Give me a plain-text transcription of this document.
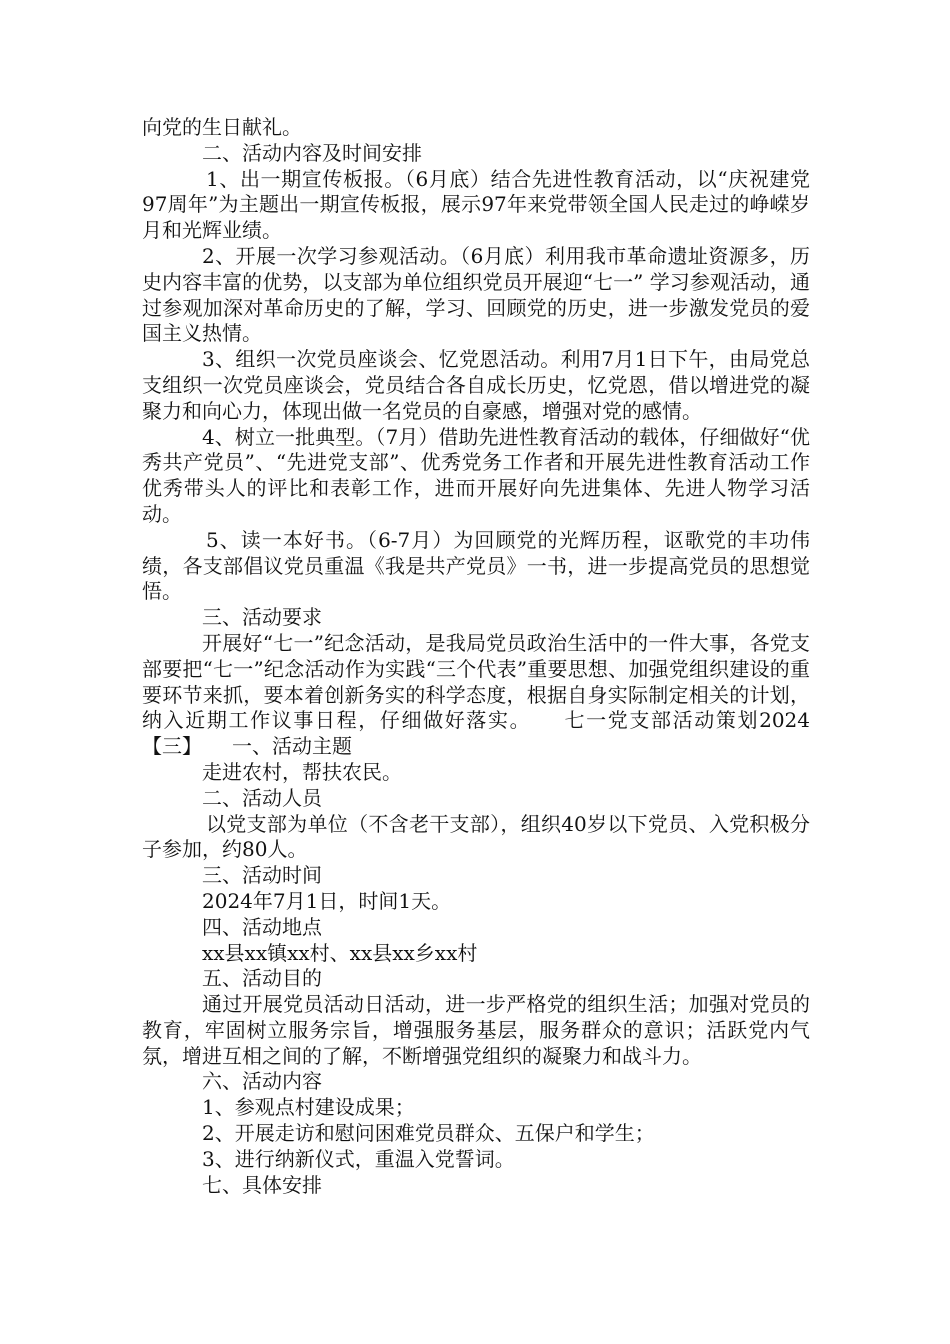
向党的生日献礼。

二、活动内容及时间安排

1、出一期宣传板报。（6月底）结合先进性教育活动，以“庆祝建党97周年”为主题出一期宣传板报，展示97年来党带领全国人民走过的峥嵘岁月和光辉业绩。

2、开展一次学习参观活动。（6月底）利用我市革命遗址资源多，历史内容丰富的优势，以支部为单位组织党员开展迎“七一” 学习参观活动，通过参观加深对革命历史的了解，学习、回顾党的历史，进一步激发党员的爱国主义热情。

3、组织一次党员座谈会、忆党恩活动。利用7月1日下午，由局党总支组织一次党员座谈会，党员结合各自成长历史，忆党恩，借以增进党的凝聚力和向心力，体现出做一名党员的自豪感，增强对党的感情。

4、树立一批典型。（7月）借助先进性教育活动的载体，仔细做好“优秀共产党员”、“先进党支部”、优秀党务工作者和开展先进性教育活动工作优秀带头人的评比和表彰工作，进而开展好向先进集体、先进人物学习活动。

5、读一本好书。（6-7月）为回顾党的光辉历程，讴歌党的丰功伟绩，各支部倡议党员重温《我是共产党员》一书，进一步提高党员的思想觉悟。

三、活动要求

开展好“七一”纪念活动，是我局党员政治生活中的一件大事，各党支部要把“七一”纪念活动作为实践“三个代表”重要思想、加强党组织建设的重要环节来抓，要本着创新务实的科学态度，根据自身实际制定相关的计划，纳入近期工作议事日程，仔细做好落实。　　七一党支部活动策划2024【三】　　一、活动主题

走进农村，帮扶农民。

二、活动人员

以党支部为单位（不含老干支部），组织40岁以下党员、入党积极分子参加，约80人。

三、活动时间

2024年7月1日，时间1天。

四、活动地点

xx县xx镇xx村、xx县xx乡xx村

五、活动目的

通过开展党员活动日活动，进一步严格党的组织生活；加强对党员的教育，牢固树立服务宗旨，增强服务基层，服务群众的意识；活跃党内气氛，增进互相之间的了解，不断增强党组织的凝聚力和战斗力。

六、活动内容

1、参观点村建设成果；

2、开展走访和慰问困难党员群众、五保户和学生；

3、进行纳新仪式，重温入党誓词。

七、具体安排
